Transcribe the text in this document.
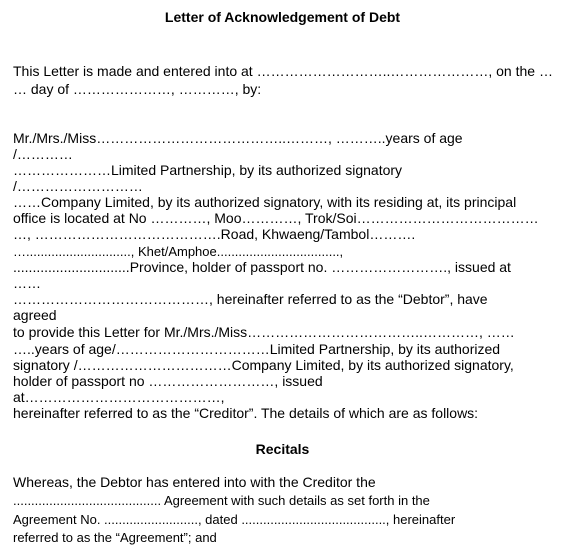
Letter of Acknowledgement of Debt
This Letter is made and entered into at ………………………..…………………, on the …
… day of …………………, …………, by:
Mr./Mrs./Miss…………………………………..………, ………..years of age
/…………
…………………Limited Partnership, by its authorized signatory
/………………………
……Company Limited, by its authorized signatory, with its residing at, its principal
office is located at No …………, Moo…………, Trok/Soi…………………………………
…, ………………………………….Road, Khwaeng/Tambol……….
…............................., Khet/Amphoe..................................,
..............................Province, holder of passport no. ……………………., issued at
……
……………………………………, hereinafter referred to as the “Debtor”, have
agreed
to provide this Letter for Mr./Mrs./Miss………………………………..…………, ……
…..years of age/……………………………Limited Partnership, by its authorized
signatory /……………………………Company Limited, by its authorized signatory,
holder of passport no ………………………, issued
at……………………………………,
hereinafter referred to as the “Creditor”. The details of which are as follows:
Recitals
Whereas, the Debtor has entered into with the Creditor the
......................................... Agreement with such details as set forth in the
Agreement No. .........................., dated ........................................, hereinafter
referred to as the “Agreement”; and
